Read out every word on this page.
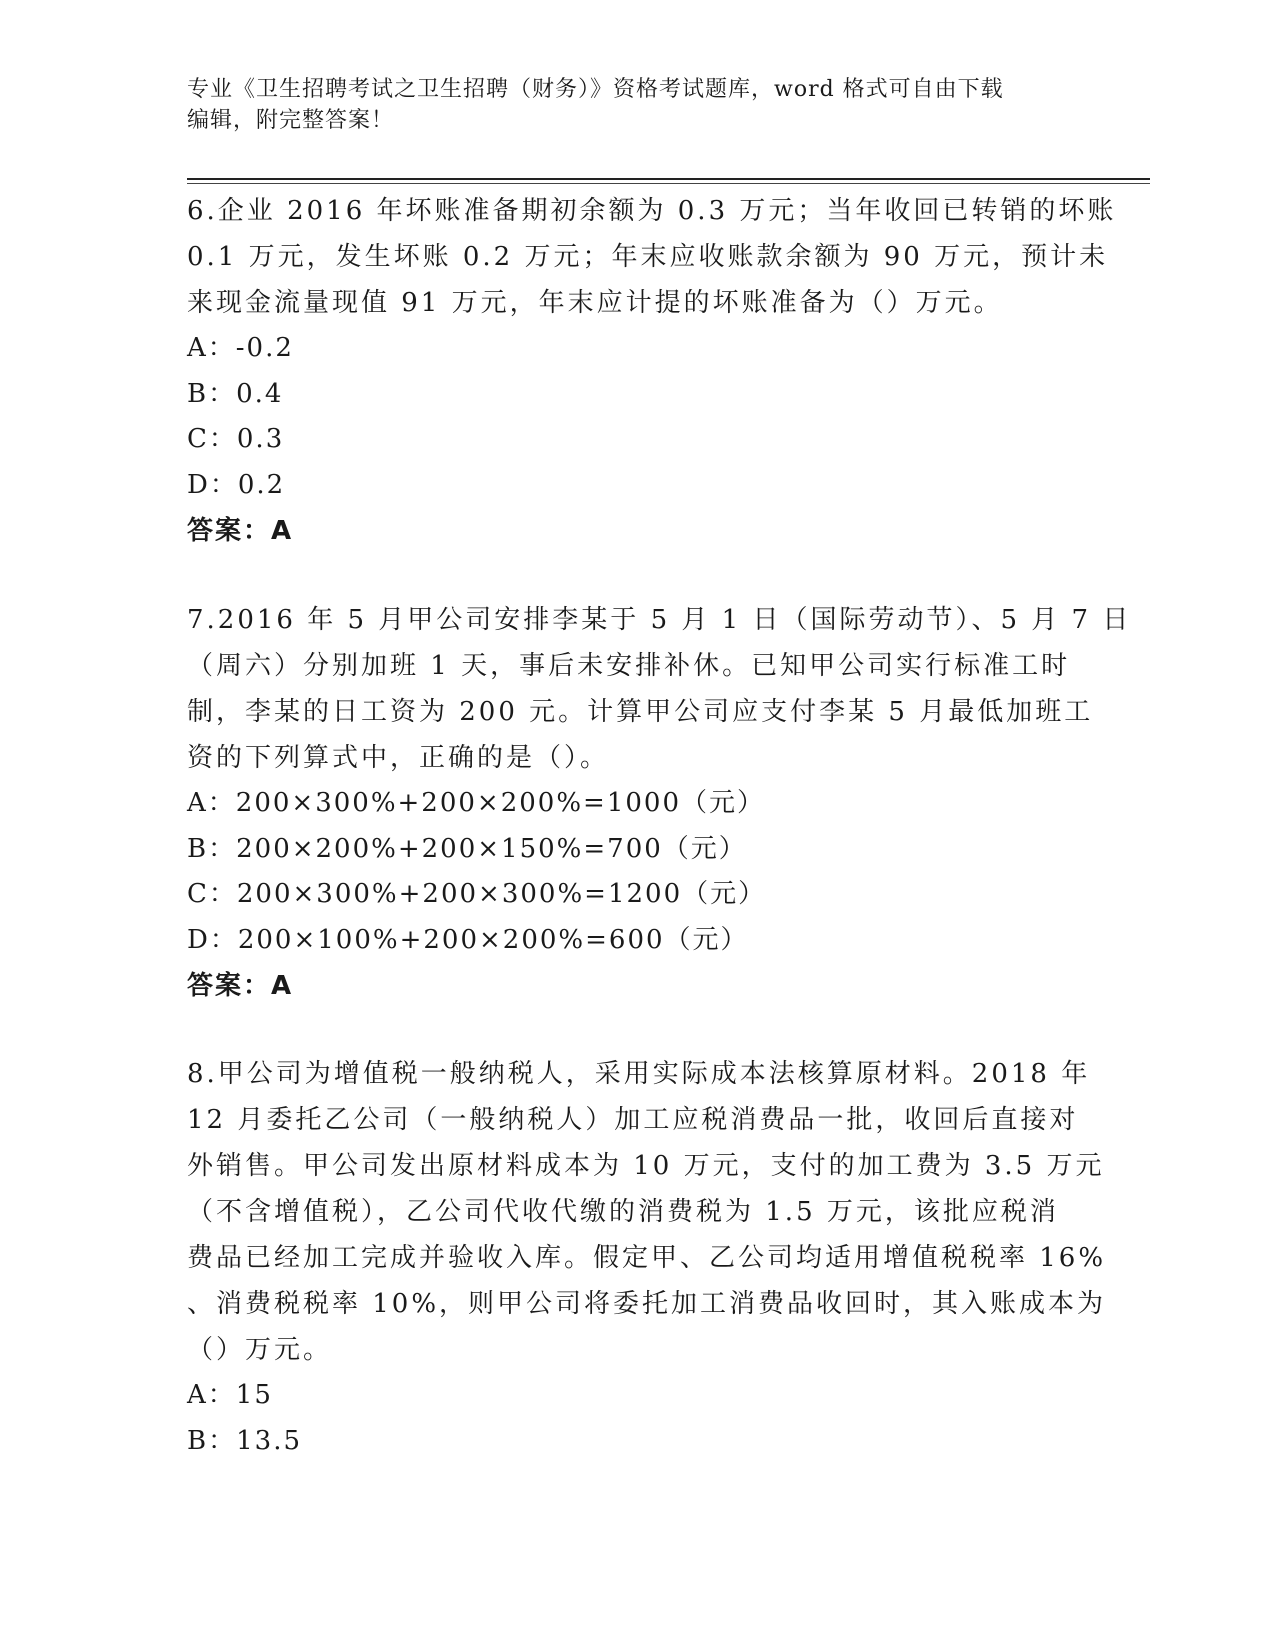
专业《卫生招聘考试之卫生招聘（财务）》资格考试题库，word 格式可自由下载
编辑，附完整答案！
6.企业 2016 年坏账准备期初余额为 0.3 万元；当年收回已转销的坏账
0.1 万元，发生坏账 0.2 万元；年末应收账款余额为 90 万元，预计未
来现金流量现值 91 万元，年末应计提的坏账准备为（）万元。
A：-0.2
B：0.4
C：0.3
D：0.2
答案：A
7.2016 年 5 月甲公司安排李某于 5 月 1 日（国际劳动节）、5 月 7 日
（周六）分别加班 1 天，事后未安排补休。已知甲公司实行标准工时
制，李某的日工资为 200 元。计算甲公司应支付李某 5 月最低加班工
资的下列算式中，正确的是（）。
A：200×300%+200×200%=1000（元）
B：200×200%+200×150%=700（元）
C：200×300%+200×300%=1200（元）
D：200×100%+200×200%=600（元）
答案：A
8.甲公司为增值税一般纳税人，采用实际成本法核算原材料。2018 年
12 月委托乙公司（一般纳税人）加工应税消费品一批，收回后直接对
外销售。甲公司发出原材料成本为 10 万元，支付的加工费为 3.5 万元
（不含增值税），乙公司代收代缴的消费税为 1.5 万元，该批应税消
费品已经加工完成并验收入库。假定甲、乙公司均适用增值税税率 16%
、消费税税率 10%，则甲公司将委托加工消费品收回时，其入账成本为
（）万元。
A：15
B：13.5
